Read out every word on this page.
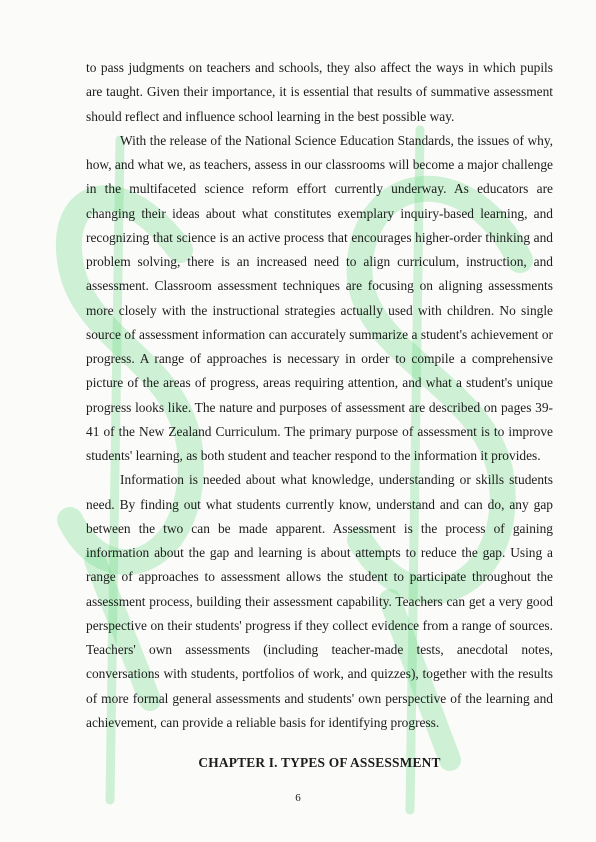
to pass judgments on teachers and schools, they also affect the ways in which pupils are taught. Given their importance, it is essential that results of summative assessment should reflect and influence school learning in the best possible way.

With the release of the National Science Education Standards, the issues of why, how, and what we, as teachers, assess in our classrooms will become a major challenge in the multifaceted science reform effort currently underway. As educators are changing their ideas about what constitutes exemplary inquiry-based learning, and recognizing that science is an active process that encourages higher-order thinking and problem solving, there is an increased need to align curriculum, instruction, and assessment. Classroom assessment techniques are focusing on aligning assessments more closely with the instructional strategies actually used with children. No single source of assessment information can accurately summarize a student's achievement or progress. A range of approaches is necessary in order to compile a comprehensive picture of the areas of progress, areas requiring attention, and what a student's unique progress looks like. The nature and purposes of assessment are described on pages 39-41 of the New Zealand Curriculum. The primary purpose of assessment is to improve students' learning, as both student and teacher respond to the information it provides.

Information is needed about what knowledge, understanding or skills students need. By finding out what students currently know, understand and can do, any gap between the two can be made apparent. Assessment is the process of gaining information about the gap and learning is about attempts to reduce the gap. Using a range of approaches to assessment allows the student to participate throughout the assessment process, building their assessment capability. Teachers can get a very good perspective on their students' progress if they collect evidence from a range of sources. Teachers' own assessments (including teacher-made tests, anecdotal notes, conversations with students, portfolios of work, and quizzes), together with the results of more formal general assessments and students' own perspective of the learning and achievement, can provide a reliable basis for identifying progress.

CHAPTER I. TYPES OF ASSESSMENT
6
